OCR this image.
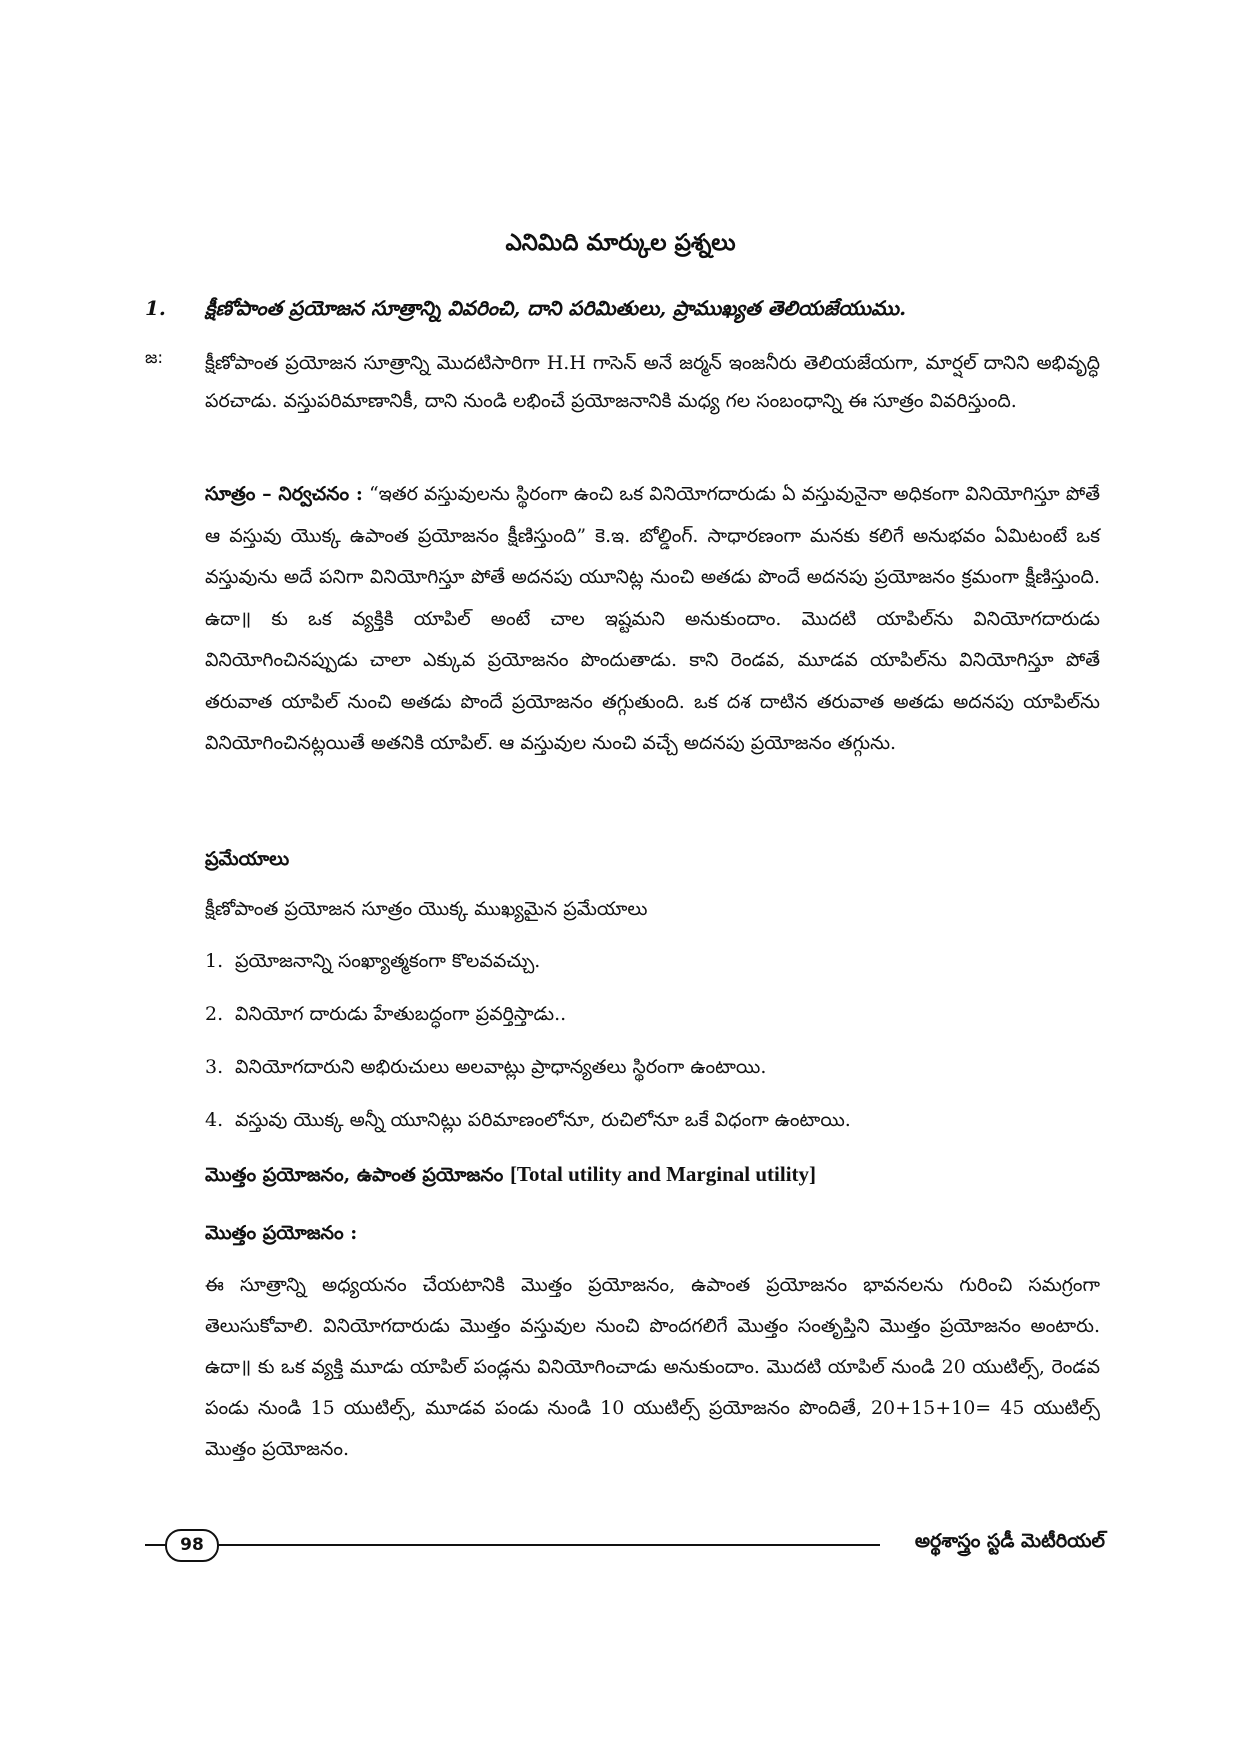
ఎనిమిది మార్కుల ప్రశ్నలు
1. క్షీణోపాంత ప్రయోజన సూత్రాన్ని వివరించి, దాని పరిమితులు, ప్రాముఖ్యత తెలియజేయుము.
జ: క్షీణోపాంత ప్రయోజన సూత్రాన్ని మొదటిసారిగా H.H గాసెన్ అనే జర్మన్ ఇంజనీరు తెలియజేయగా, మార్షల్ దానిని అభివృద్ధి పరచాడు. వస్తుపరిమాణానికీ, దాని నుండి లభించే ప్రయోజనానికి మధ్య గల సంబంధాన్ని ఈ సూత్రం వివరిస్తుంది.
సూత్రం – నిర్వచనం : “ఇతర వస్తువులను స్థిరంగా ఉంచి ఒక వినియోగదారుడు ఏ వస్తువునైనా అధికంగా వినియోగిస్తూ పోతే ఆ వస్తువు యొక్క ఉపాంత ప్రయోజనం క్షీణిస్తుంది” కె.ఇ. బోల్డింగ్. సాధారణంగా మనకు కలిగే అనుభవం ఏమిటంటే ఒక వస్తువును అదే పనిగా వినియోగిస్తూ పోతే అదనపు యూనిట్ల నుంచి అతడు పొందే అదనపు ప్రయోజనం క్రమంగా క్షీణిస్తుంది. ఉదా॥ కు ఒక వ్యక్తికి యాపిల్ అంటే చాల ఇష్టమని అనుకుందాం. మొదటి యాపిల్‌ను వినియోగదారుడు వినియోగించినప్పుడు చాలా ఎక్కువ ప్రయోజనం పొందుతాడు. కాని రెండవ, మూడవ యాపిల్‌ను వినియోగిస్తూ పోతే తరువాత యాపిల్ నుంచి అతడు పొందే ప్రయోజనం తగ్గుతుంది. ఒక దశ దాటిన తరువాత అతడు అదనపు యాపిల్‌ను వినియోగించినట్లయితే అతనికి యాపిల్. ఆ వస్తువుల నుంచి వచ్చే అదనపు ప్రయోజనం తగ్గును.
ప్రమేయాలు
క్షీణోపాంత ప్రయోజన సూత్రం యొక్క ముఖ్యమైన ప్రమేయాలు
1. ప్రయోజనాన్ని సంఖ్యాత్మకంగా కొలవవచ్చు.
2. వినియోగ దారుడు హేతుబద్ధంగా ప్రవర్తిస్తాడు..
3. వినియోగదారుని అభిరుచులు అలవాట్లు ప్రాధాన్యతలు స్థిరంగా ఉంటాయి.
4. వస్తువు యొక్క అన్నీ యూనిట్లు పరిమాణంలోనూ, రుచిలోనూ ఒకే విధంగా ఉంటాయి.
మొత్తం ప్రయోజనం, ఉపాంత ప్రయోజనం [Total utility and Marginal utility]
మొత్తం ప్రయోజనం :
ఈ సూత్రాన్ని అధ్యయనం చేయటానికి మొత్తం ప్రయోజనం, ఉపాంత ప్రయోజనం భావనలను గురించి సమగ్రంగా తెలుసుకోవాలి. వినియోగదారుడు మొత్తం వస్తువుల నుంచి పొందగలిగే మొత్తం సంతృప్తిని మొత్తం ప్రయోజనం అంటారు. ఉదా॥ కు ఒక వ్యక్తి మూడు యాపిల్ పండ్లను వినియోగించాడు అనుకుందాం. మొదటి యాపిల్ నుండి 20 యుటిల్స్, రెండవ పండు నుండి 15 యుటిల్స్, మూడవ పండు నుండి 10 యుటిల్స్ ప్రయోజనం పొందితే, 20+15+10= 45 యుటిల్స్ మొత్తం ప్రయోజనం.
98	అర్థశాస్త్రం స్టడీ మెటీరియల్
